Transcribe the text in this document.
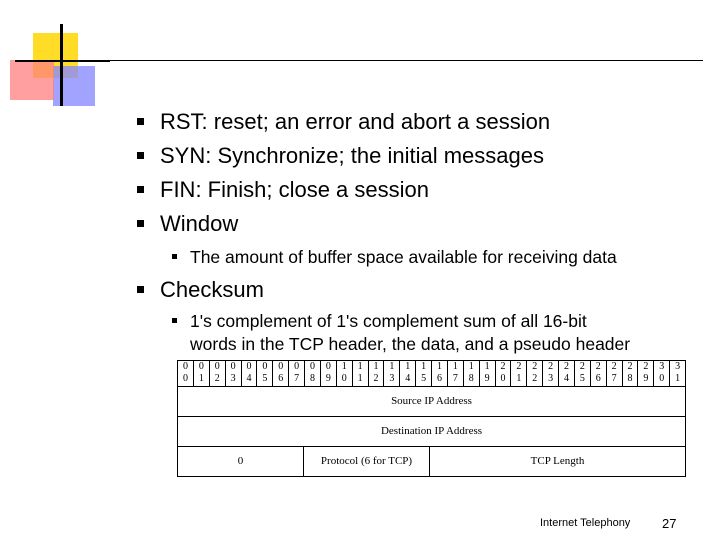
RST: reset; an error and abort a session
SYN: Synchronize; the initial messages
FIN: Finish; close a session
Window
The amount of buffer space available for receiving data
Checksum
1's complement of 1's complement sum of all 16-bit
words in the TCP header, the data, and a pseudo header
0
0
0
1
0
2
0
3
0
4
0
5
0
6
0
7
0
8
0
9
1
0
1
1
1
2
1
3
1
4
1
5
1
6
1
7
1
8
1
9
2
0
2
1
2
2
2
3
2
4
2
5
2
6
2
7
2
8
2
9
3
0
3
1
Source IP Address
Destination IP Address
0	Protocol (6 for TCP)	TCP Length
Internet Telephony 27
